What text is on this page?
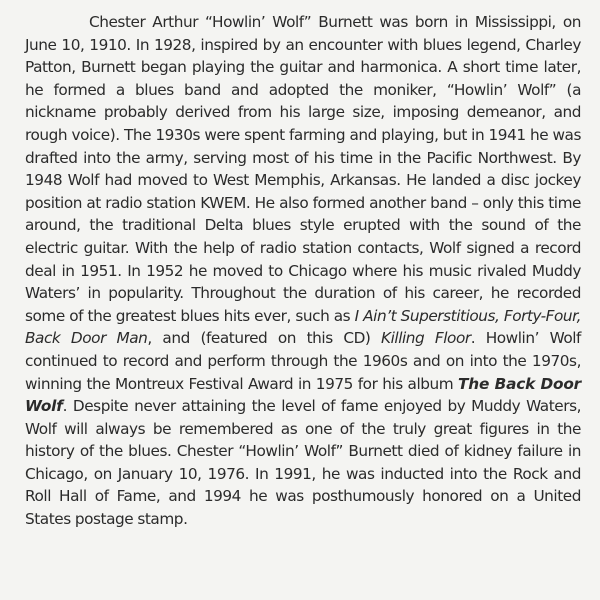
Chester Arthur “Howlin’ Wolf” Burnett was born in Mississippi, on June 10, 1910. In 1928, inspired by an encounter with blues legend, Charley Patton, Burnett began playing the guitar and harmonica. A short time later, he formed a blues band and adopted the moniker, “Howlin’ Wolf” (a nickname probably derived from his large size, imposing demeanor, and rough voice). The 1930s were spent farming and playing, but in 1941 he was drafted into the army, serving most of his time in the Pacific Northwest. By 1948 Wolf had moved to West Memphis, Arkansas. He landed a disc jockey position at radio station KWEM. He also formed another band – only this time around, the traditional Delta blues style erupted with the sound of the electric guitar. With the help of radio station contacts, Wolf signed a record deal in 1951. In 1952 he moved to Chicago where his music rivaled Muddy Waters’ in popularity. Throughout the duration of his career, he recorded some of the greatest blues hits ever, such as I Ain’t Superstitious, Forty-Four, Back Door Man, and (featured on this CD) Killing Floor. Howlin’ Wolf continued to record and perform through the 1960s and on into the 1970s, winning the Montreux Festival Award in 1975 for his album The Back Door Wolf. Despite never attaining the level of fame enjoyed by Muddy Waters, Wolf will always be remembered as one of the truly great figures in the history of the blues. Chester “Howlin’ Wolf” Burnett died of kidney failure in Chicago, on January 10, 1976. In 1991, he was inducted into the Rock and Roll Hall of Fame, and 1994 he was posthumously honored on a United States postage stamp.
